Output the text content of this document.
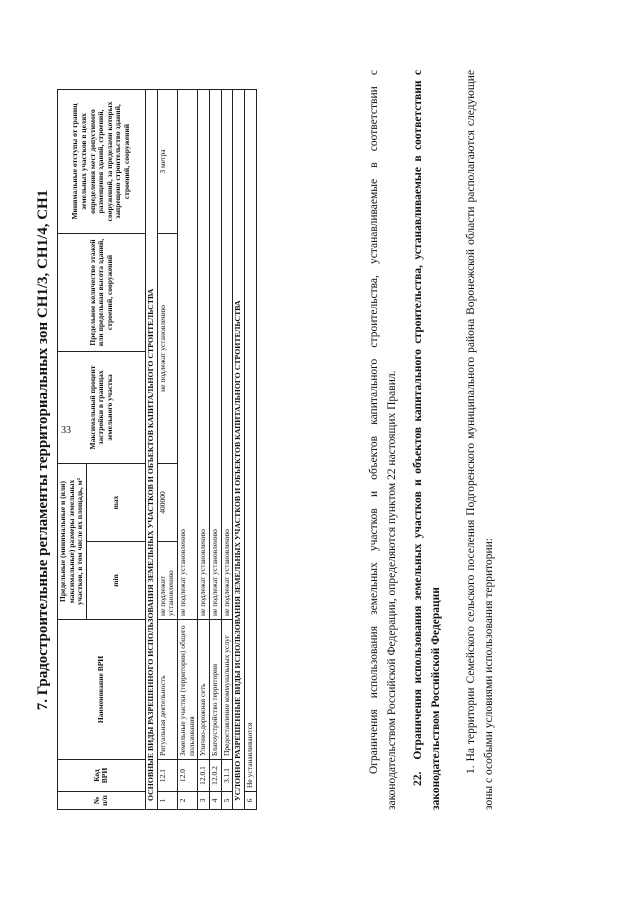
33
7. Градостроительные регламенты территориальных зон СН1/3, СН1/4, СН1
№ п/п	Код ВРИ	Наименование ВРИ	Предельные (минимальные и (или) максимальные) размеры земельных участков, в том числе их площадь, м²		Максимальный процент застройки в границах земельного участка	Предельное количество этажей или предельная высота зданий, строений, сооружений	Минимальные отступы от границ земельных участков в целях определения мест допустимого размещения зданий, строений, сооружений, за пределами которых запрещено строительство зданий, строений, сооружений
			min	max			
ОСНОВНЫЕ ВИДЫ РАЗРЕШЕННОГО ИСПОЛЬЗОВАНИЯ ЗЕМЕЛЬНЫХ УЧАСТКОВ И ОБЪЕКТОВ КАПИТАЛЬНОГО СТРОИТЕЛЬСТВА							
1	12.1	Ритуальная деятельность	не подлежит установлению	400000	не подлежат установлению		3 метра
2	12.0	Земельные участки (территории) общего пользования	не подлежат установлению				
3	12.0.1	Улично-дорожная сеть	не подлежат установлению				
4	12.0.2	Благоустройство территории	не подлежат установлению				
5	3.1.1	Предоставление коммунальных услуг	не подлежат установлению				
УСЛОВНО РАЗРЕШЕННЫЕ ВИДЫ ИСПОЛЬЗОВАНИЯ ЗЕМЕЛЬНЫХ УЧАСТКОВ И ОБЪЕКТОВ КАПИТАЛЬНОГО СТРОИТЕЛЬСТВА							
6	Не устанавливаются							Ограничения использования земельных участков и объектов капитального строительства, устанавливаемые в соответствии с законодательством Российской Федерации, определяются пунктом 22 настоящих Правил. 22.Ограничения использования земельных участков и объектов капитального строительства, устанавливаемые в соответствии с законодательством Российской Федерации 1. На территории Семейского сельского поселения Подгоренского муниципального района Воронежской области располагаются следующие зоны с особыми условиями использования территории:
